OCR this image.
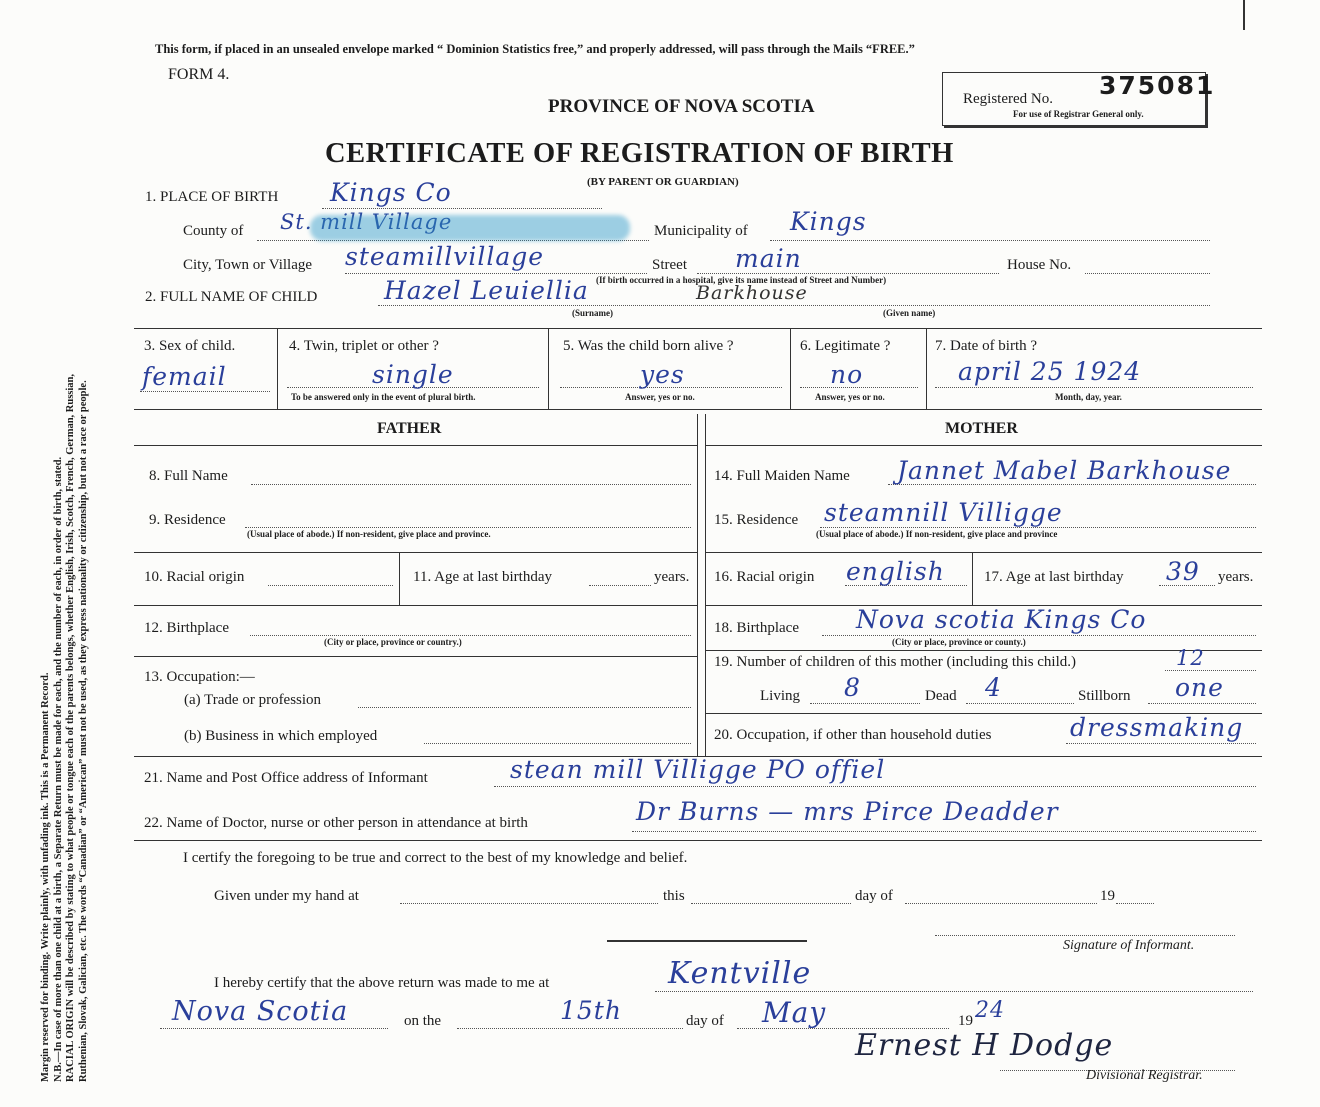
Margin reserved for binding. Write plainly, with unfading ink. This is a Permanent Record. N.B.—In case of more than one child at a birth, a Separate Return must be made for each, and the number of each, in order of birth, stated. RACIAL ORIGIN will be described by stating to what people or tongue each of the parents belongs, whether English, Irish, Scotch, French, German, Russian, Ruthenian, Slovak, Galician, etc. The words “Canadian” or “American” must not be used, as they express nationality or citizenship, but not a race or people.
This form, if placed in an unsealed envelope marked “ Dominion Statistics free,” and properly addressed, will pass through the Mails “FREE.”
FORM 4.
PROVINCE OF NOVA SCOTIA
CERTIFICATE OF REGISTRATION OF BIRTH
(BY PARENT OR GUARDIAN)
Registered No. 375081
For use of Registrar General only.
1. PLACE OF BIRTH Kings Co
County of St. mill Village	Municipality of Kings
City, Town or Village steamillvillage	Street main	House No.
(If birth occurred in a hospital, give its name instead of Street and Number)
2. FULL NAME OF CHILD	Hazel Leuiellia	Barkhouse
(Surname)	(Given name)
3. Sex of child.
femail
4. Twin, triplet or other ?
single
To be answered only in the event of plural birth.
5. Was the child born alive ?
yes
Answer, yes or no.
6. Legitimate ?
no
Answer, yes or no.
7. Date of birth ?
april 25 1924
Month, day, year.
FATHER
8. Full Name
9. Residence
(Usual place of abode.) If non-resident, give place and province.
10. Racial origin	11. Age at last birthday	years.
12. Birthplace
(City or place, province or country.)
13. Occupation:—
(a) Trade or profession
(b) Business in which employed
MOTHER
14. Full Maiden Name Jannet Mabel Barkhouse
15. Residence steamnill Villigge
(Usual place of abode.) If non-resident, give place and province
16. Racial origin english	17. Age at last birthday 39 years.
18. Birthplace Nova scotia Kings Co
(City or place, province or county.)
19. Number of children of this mother (including this child.)	12
Living 8	Dead 4	Stillborn one
20. Occupation, if other than household duties	dressmaking
21. Name and Post Office address of Informant	stean mill Villigge PO offiel
22. Name of Doctor, nurse or other person in attendance at birth	Dr Burns — mrs Pirce Deadder
I certify the foregoing to be true and correct to the best of my knowledge and belief.
Given under my hand at	this	day of	19
Signature of Informant.
I hereby certify that the above return was made to me at	Kentville
Nova Scotia	on the	15th	day of May	19 24
Ernest H Dodge
Divisional Registrar.
